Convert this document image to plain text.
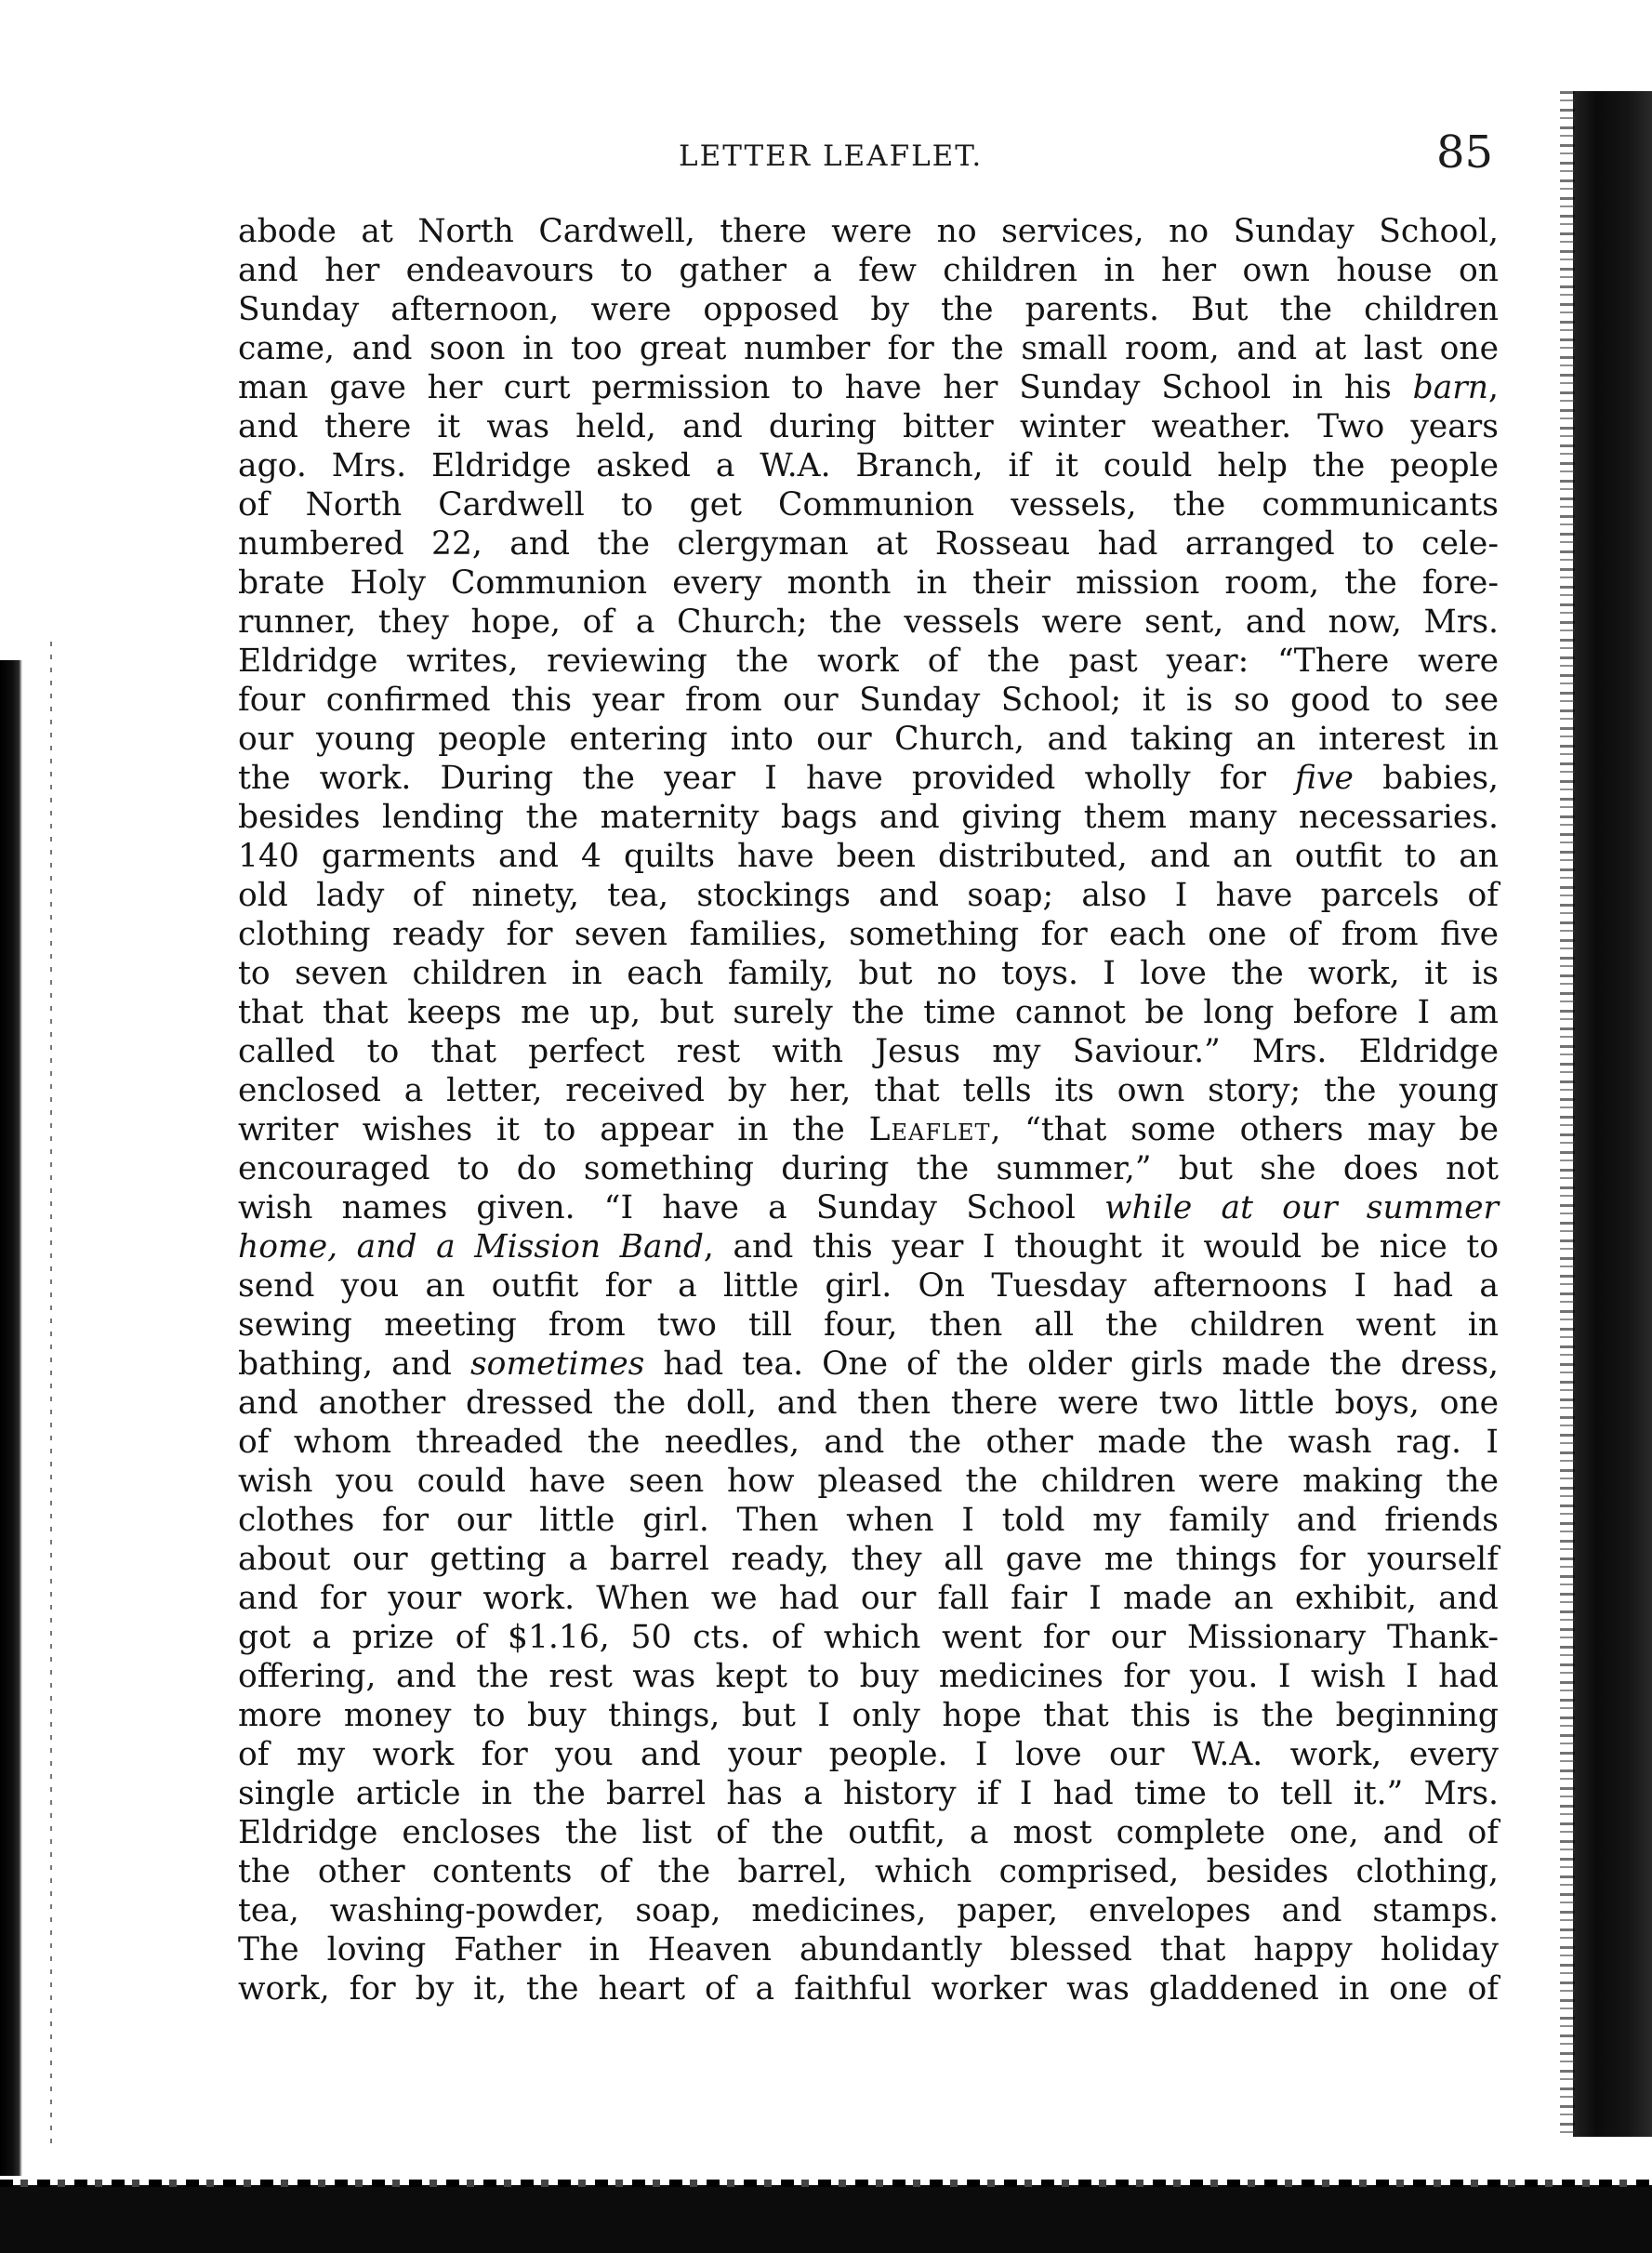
LETTER LEAFLET.	85
abode at North Cardwell, there were no services, no Sunday School,
and her endeavours to gather a few children in her own house on
Sunday afternoon, were opposed by the parents. But the children
came, and soon in too great number for the small room, and at last one
man gave her curt permission to have her Sunday School in his barn,
and there it was held, and during bitter winter weather. Two years
ago. Mrs. Eldridge asked a W.A. Branch, if it could help the people
of North Cardwell to get Communion vessels, the communicants
numbered 22, and the clergyman at Rosseau had arranged to cele-
brate Holy Communion every month in their mission room, the fore-
runner, they hope, of a Church; the vessels were sent, and now, Mrs.
Eldridge writes, reviewing the work of the past year: “There were
four confirmed this year from our Sunday School; it is so good to see
our young people entering into our Church, and taking an interest in
the work. During the year I have provided wholly for five babies,
besides lending the maternity bags and giving them many necessaries.
140 garments and 4 quilts have been distributed, and an outfit to an
old lady of ninety, tea, stockings and soap; also I have parcels of
clothing ready for seven families, something for each one of from five
to seven children in each family, but no toys. I love the work, it is
that that keeps me up, but surely the time cannot be long before I am
called to that perfect rest with Jesus my Saviour.” Mrs. Eldridge
enclosed a letter, received by her, that tells its own story; the young
writer wishes it to appear in the Leaflet, “that some others may be
encouraged to do something during the summer,” but she does not
wish names given. “I have a Sunday School while at our summer
home, and a Mission Band, and this year I thought it would be nice to
send you an outfit for a little girl. On Tuesday afternoons I had a
sewing meeting from two till four, then all the children went in
bathing, and sometimes had tea. One of the older girls made the dress,
and another dressed the doll, and then there were two little boys, one
of whom threaded the needles, and the other made the wash rag. I
wish you could have seen how pleased the children were making the
clothes for our little girl. Then when I told my family and friends
about our getting a barrel ready, they all gave me things for yourself
and for your work. When we had our fall fair I made an exhibit, and
got a prize of $1.16, 50 cts. of which went for our Missionary Thank-
offering, and the rest was kept to buy medicines for you. I wish I had
more money to buy things, but I only hope that this is the beginning
of my work for you and your people. I love our W.A. work, every
single article in the barrel has a history if I had time to tell it.” Mrs.
Eldridge encloses the list of the outfit, a most complete one, and of
the other contents of the barrel, which comprised, besides clothing,
tea, washing-powder, soap, medicines, paper, envelopes and stamps.
The loving Father in Heaven abundantly blessed that happy holiday
work, for by it, the heart of a faithful worker was gladdened in one of
